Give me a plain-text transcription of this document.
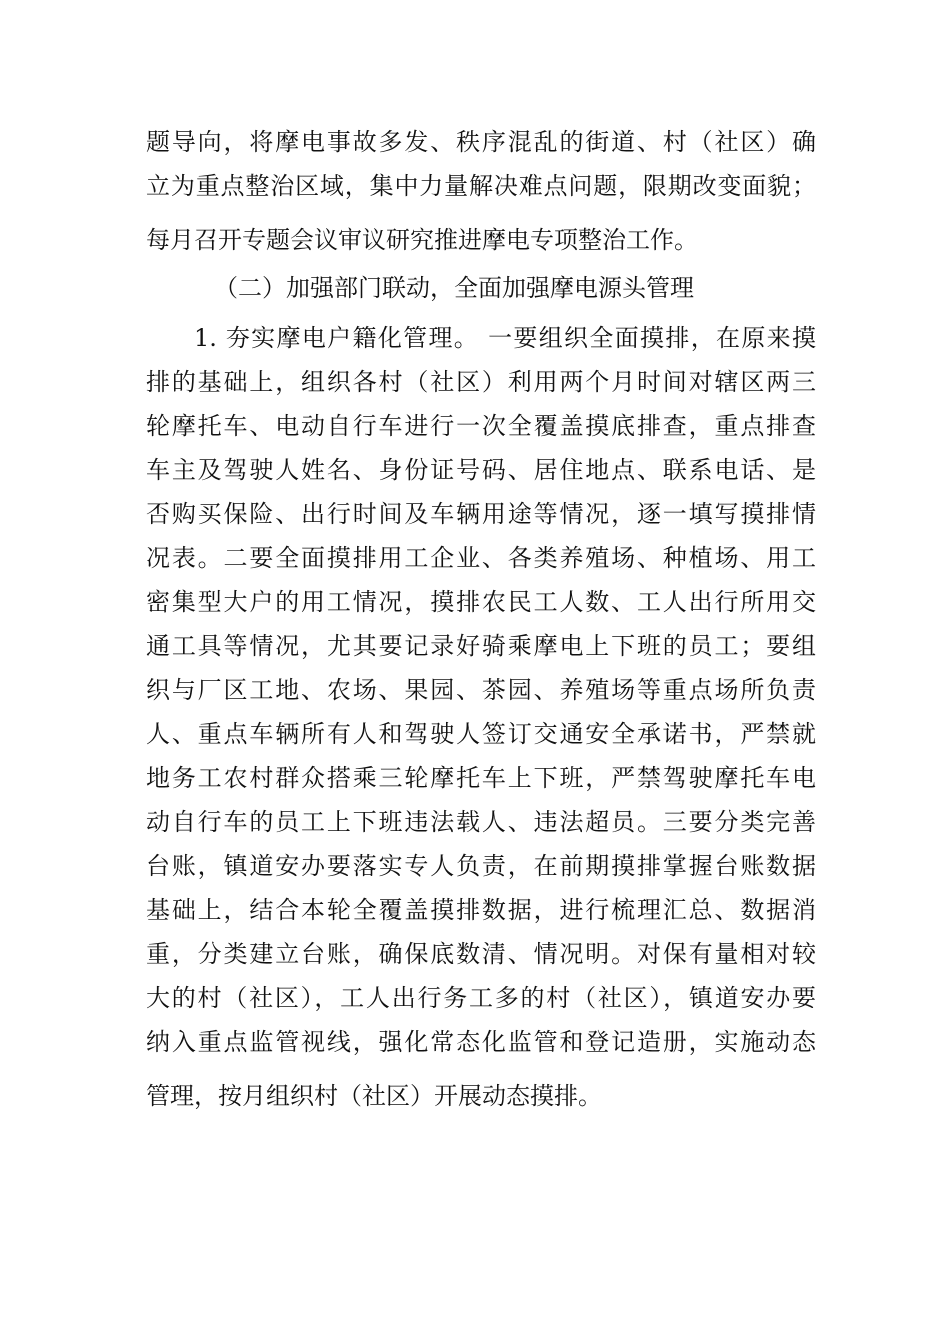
题导向，将摩电事故多发、秩序混乱的街道、村（社区）确
立为重点整治区域，集中力量解决难点问题，限期改变面貌；
每月召开专题会议审议研究推进摩电专项整治工作。
（二）加强部门联动，全面加强摩电源头管理
1. 夯实摩电户籍化管理。 一要组织全面摸排，在原来摸
排的基础上，组织各村（社区）利用两个月时间对辖区两三
轮摩托车、电动自行车进行一次全覆盖摸底排查，重点排查
车主及驾驶人姓名、身份证号码、居住地点、联系电话、是
否购买保险、出行时间及车辆用途等情况，逐一填写摸排情
况表。二要全面摸排用工企业、各类养殖场、种植场、用工
密集型大户的用工情况，摸排农民工人数、工人出行所用交
通工具等情况，尤其要记录好骑乘摩电上下班的员工；要组
织与厂区工地、农场、果园、茶园、养殖场等重点场所负责
人、重点车辆所有人和驾驶人签订交通安全承诺书，严禁就
地务工农村群众搭乘三轮摩托车上下班，严禁驾驶摩托车电
动自行车的员工上下班违法载人、违法超员。三要分类完善
台账，镇道安办要落实专人负责，在前期摸排掌握台账数据
基础上，结合本轮全覆盖摸排数据，进行梳理汇总、数据消
重，分类建立台账，确保底数清、情况明。对保有量相对较
大的村（社区），工人出行务工多的村（社区），镇道安办要
纳入重点监管视线，强化常态化监管和登记造册，实施动态
管理，按月组织村（社区）开展动态摸排。
